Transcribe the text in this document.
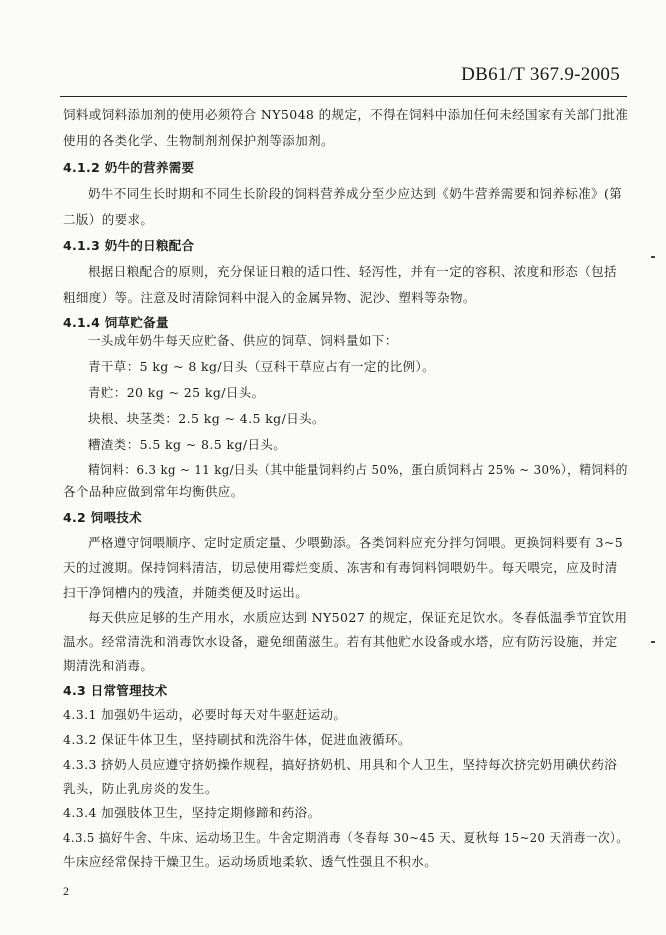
DB61/T 367.9-2005
饲料或饲料添加剂的使用必须符合 NY5048 的规定，不得在饲料中添加任何未经国家有关部门批准
使用的各类化学、生物制剂剂保护剂等添加剂。
4.1.2 奶牛的营养需要
奶牛不同生长时期和不同生长阶段的饲料营养成分至少应达到《奶牛营养需要和饲养标准》(第
二版）的要求。
4.1.3 奶牛的日粮配合
根据日粮配合的原则，充分保证日粮的适口性、轻泻性，并有一定的容积、浓度和形态（包括
粗细度）等。注意及时清除饲料中混入的金属异物、泥沙、塑料等杂物。
4.1.4 饲草贮备量
一头成年奶牛每天应贮备、供应的饲草、饲料量如下：
青干草：5 kg ~ 8 kg/日头（豆科干草应占有一定的比例）。
青贮：20 kg ~ 25 kg/日头。
块根、块茎类：2.5 kg ~ 4.5 kg/日头。
糟渣类：5.5 kg ~ 8.5 kg/日头。
精饲料：6.3 kg ~ 11 kg/日头（其中能量饲料约占 50%，蛋白质饲料占 25% ~ 30%），精饲料的
各个品种应做到常年均衡供应。
4.2 饲喂技术
严格遵守饲喂顺序、定时定质定量、少喂勤添。各类饲料应充分拌匀饲喂。更换饲料要有 3~5
天的过渡期。保持饲料清洁，切忌使用霉烂变质、冻害和有毒饲料饲喂奶牛。每天喂完，应及时清
扫干净饲槽内的残渣，并随类便及时运出。
每天供应足够的生产用水，水质应达到 NY5027 的规定，保证充足饮水。冬春低温季节宜饮用
温水。经常清洗和消毒饮水设备，避免细菌滋生。若有其他贮水设备或水塔，应有防污设施，并定
期清洗和消毒。
4.3 日常管理技术
4.3.1 加强奶牛运动，必要时每天对牛驱赶运动。
4.3.2 保证牛体卫生，坚持刷拭和洗浴牛体，促进血液循环。
4.3.3 挤奶人员应遵守挤奶操作规程，搞好挤奶机、用具和个人卫生，坚持每次挤完奶用碘伏药浴
乳头，防止乳房炎的发生。
4.3.4 加强肢体卫生，坚持定期修蹄和药浴。
4.3.5 搞好牛舍、牛床、运动场卫生。牛舍定期消毒（冬春每 30~45 天、夏秋每 15~20 天消毒一次）。
牛床应经常保持干燥卫生。运动场质地柔软、透气性强且不积水。
2
